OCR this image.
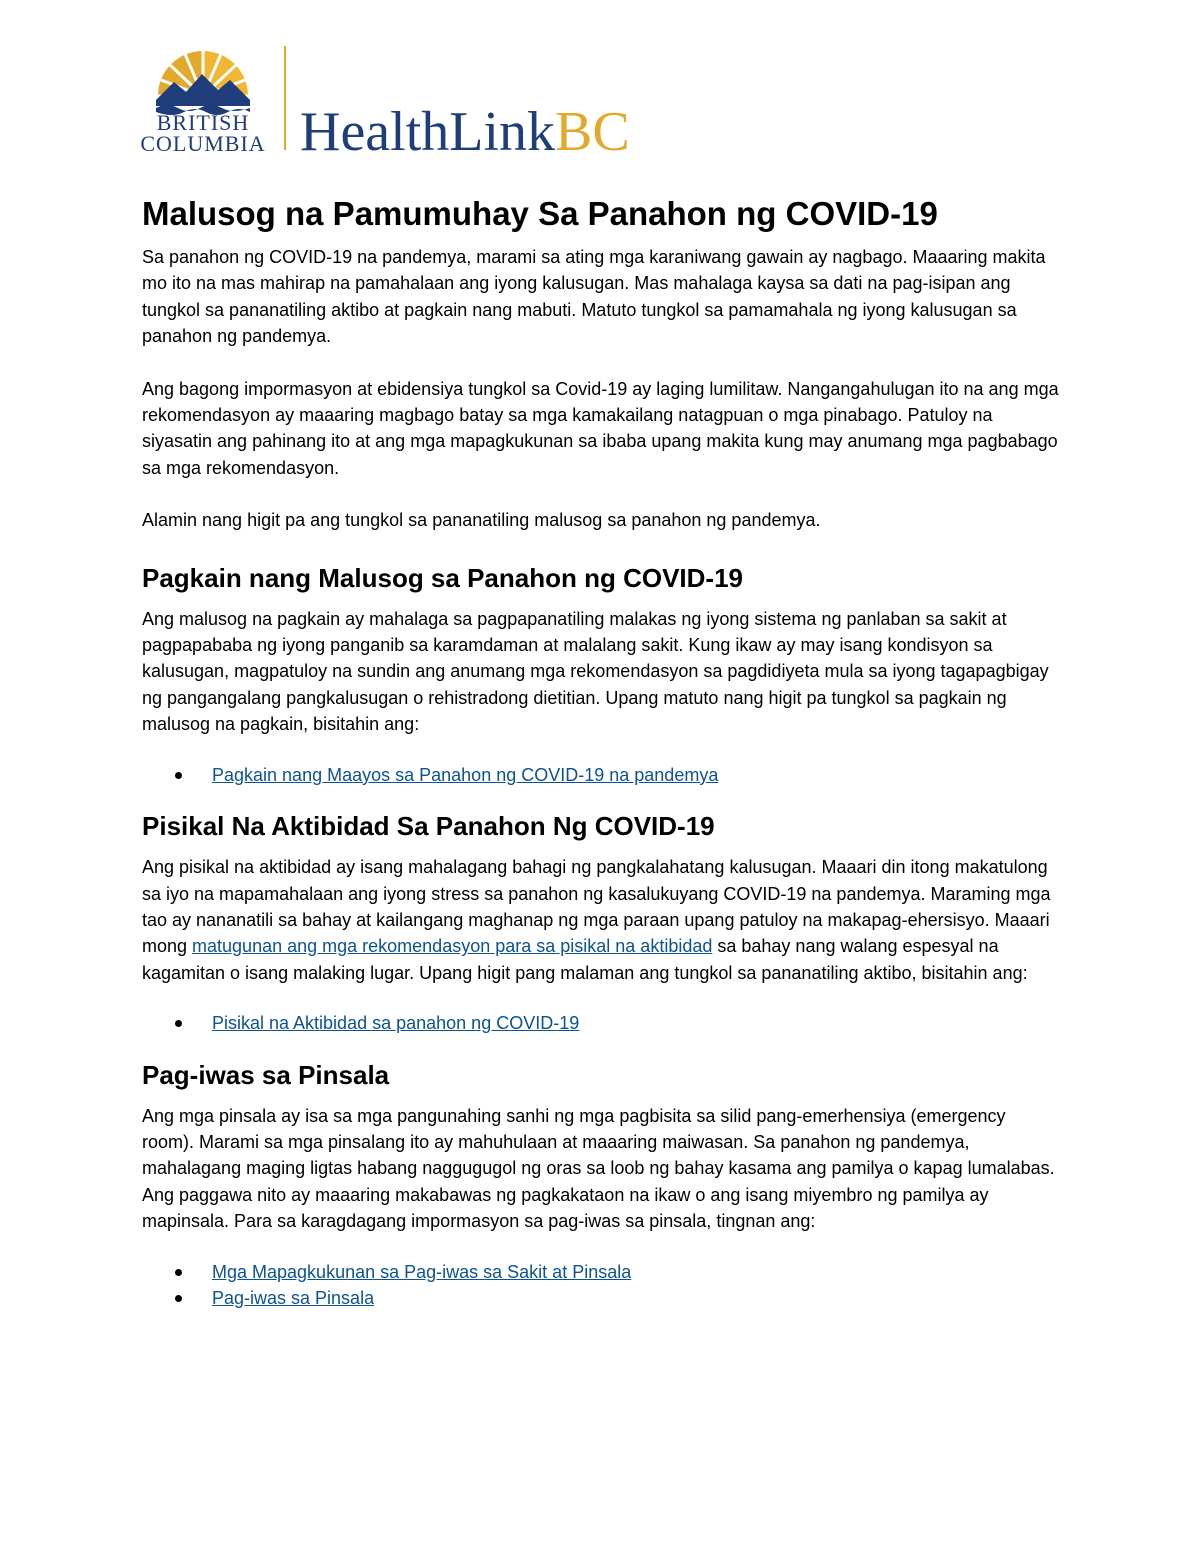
BRITISH
COLUMBIA HealthLinkBC
Malusog na Pamumuhay Sa Panahon ng COVID-19

Sa panahon ng COVID-19 na pandemya, marami sa ating mga karaniwang gawain ay nagbago. Maaaring makita mo ito na mas mahirap na pamahalaan ang iyong kalusugan. Mas mahalaga kaysa sa dati na pag-isipan ang tungkol sa pananatiling aktibo at pagkain nang mabuti. Matuto tungkol sa pamamahala ng iyong kalusugan sa panahon ng pandemya.

Ang bagong impormasyon at ebidensiya tungkol sa Covid-19 ay laging lumilitaw. Nangangahulugan ito na ang mga rekomendasyon ay maaaring magbago batay sa mga kamakailang natagpuan o mga pinabago. Patuloy na siyasatin ang pahinang ito at ang mga mapagkukunan sa ibaba upang makita kung may anumang mga pagbabago sa mga rekomendasyon.

Alamin nang higit pa ang tungkol sa pananatiling malusog sa panahon ng pandemya.

Pagkain nang Malusog sa Panahon ng COVID-19

Ang malusog na pagkain ay mahalaga sa pagpapanatiling malakas ng iyong sistema ng panlaban sa sakit at pagpapababa ng iyong panganib sa karamdaman at malalang sakit. Kung ikaw ay may isang kondisyon sa kalusugan, magpatuloy na sundin ang anumang mga rekomendasyon sa pagdidiyeta mula sa iyong tagapagbigay ng pangangalang pangkalusugan o rehistradong dietitian. Upang matuto nang higit pa tungkol sa pagkain ng malusog na pagkain, bisitahin ang:

Pagkain nang Maayos sa Panahon ng COVID-19 na pandemya
Pisikal Na Aktibidad Sa Panahon Ng COVID-19

Ang pisikal na aktibidad ay isang mahalagang bahagi ng pangkalahatang kalusugan. Maaari din itong makatulong sa iyo na mapamahalaan ang iyong stress sa panahon ng kasalukuyang COVID-19 na pandemya. Maraming mga tao ay nananatili sa bahay at kailangang maghanap ng mga paraan upang patuloy na makapag-ehersisyo. Maaari mong matugunan ang mga rekomendasyon para sa pisikal na aktibidad sa bahay nang walang espesyal na kagamitan o isang malaking lugar. Upang higit pang malaman ang tungkol sa pananatiling aktibo, bisitahin ang:

Pisikal na Aktibidad sa panahon ng COVID-19
Pag-iwas sa Pinsala

Ang mga pinsala ay isa sa mga pangunahing sanhi ng mga pagbisita sa silid pang-emerhensiya (emergency room). Marami sa mga pinsalang ito ay mahuhulaan at maaaring maiwasan. Sa panahon ng pandemya, mahalagang maging ligtas habang naggugugol ng oras sa loob ng bahay kasama ang pamilya o kapag lumalabas. Ang paggawa nito ay maaaring makabawas ng pagkakataon na ikaw o ang isang miyembro ng pamilya ay mapinsala. Para sa karagdagang impormasyon sa pag-iwas sa pinsala, tingnan ang:

Mga Mapagkukunan sa Pag-iwas sa Sakit at Pinsala
Pag-iwas sa Pinsala
